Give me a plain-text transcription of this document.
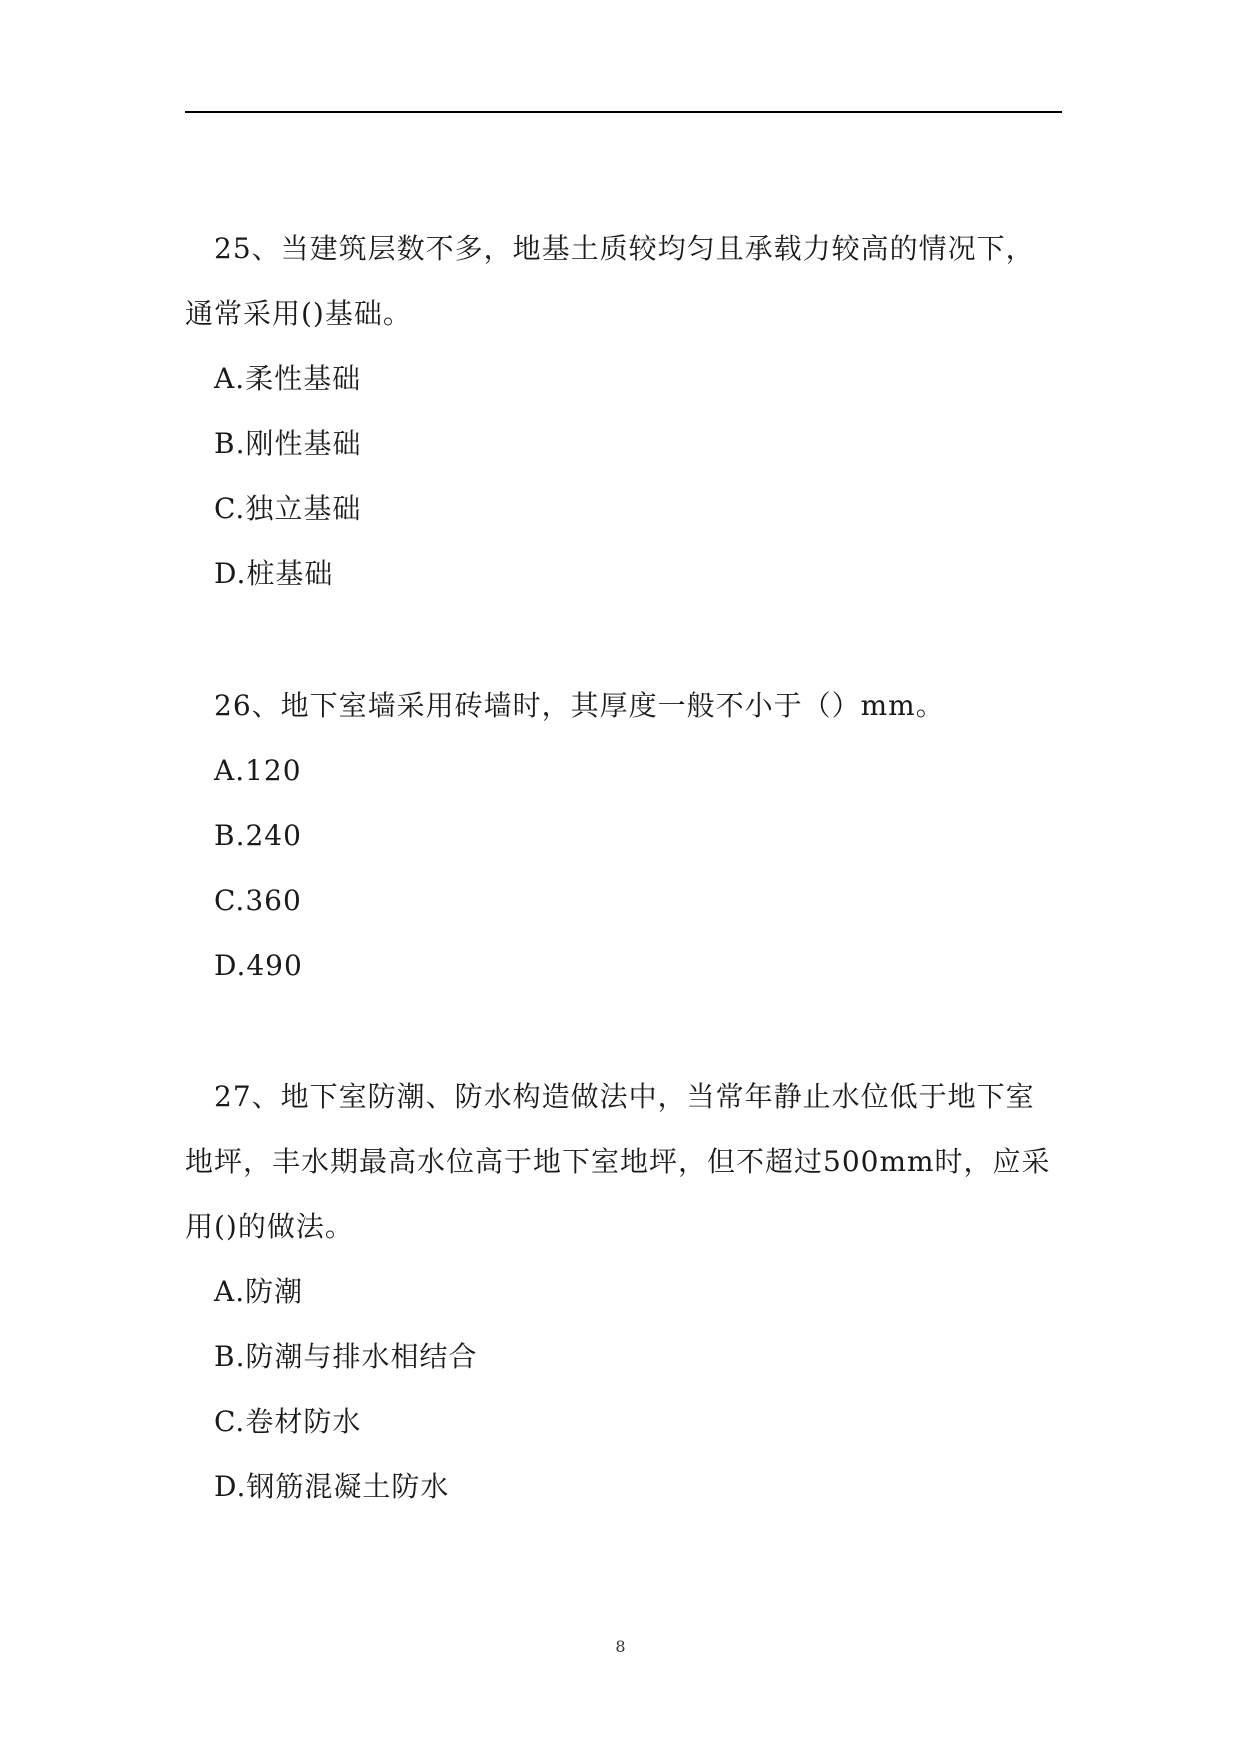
25、当建筑层数不多，地基土质较均匀且承载力较高的情况下，通常采用()基础。

A.柔性基础

B.刚性基础

C.独立基础

D.桩基础

26、地下室墙采用砖墙时，其厚度一般不小于（）mm。

A.120

B.240

C.360

D.490

27、地下室防潮、防水构造做法中，当常年静止水位低于地下室地坪，丰水期最高水位高于地下室地坪，但不超过500mm时，应采用()的做法。

A.防潮

B.防潮与排水相结合

C.卷材防水

D.钢筋混凝土防水

8
